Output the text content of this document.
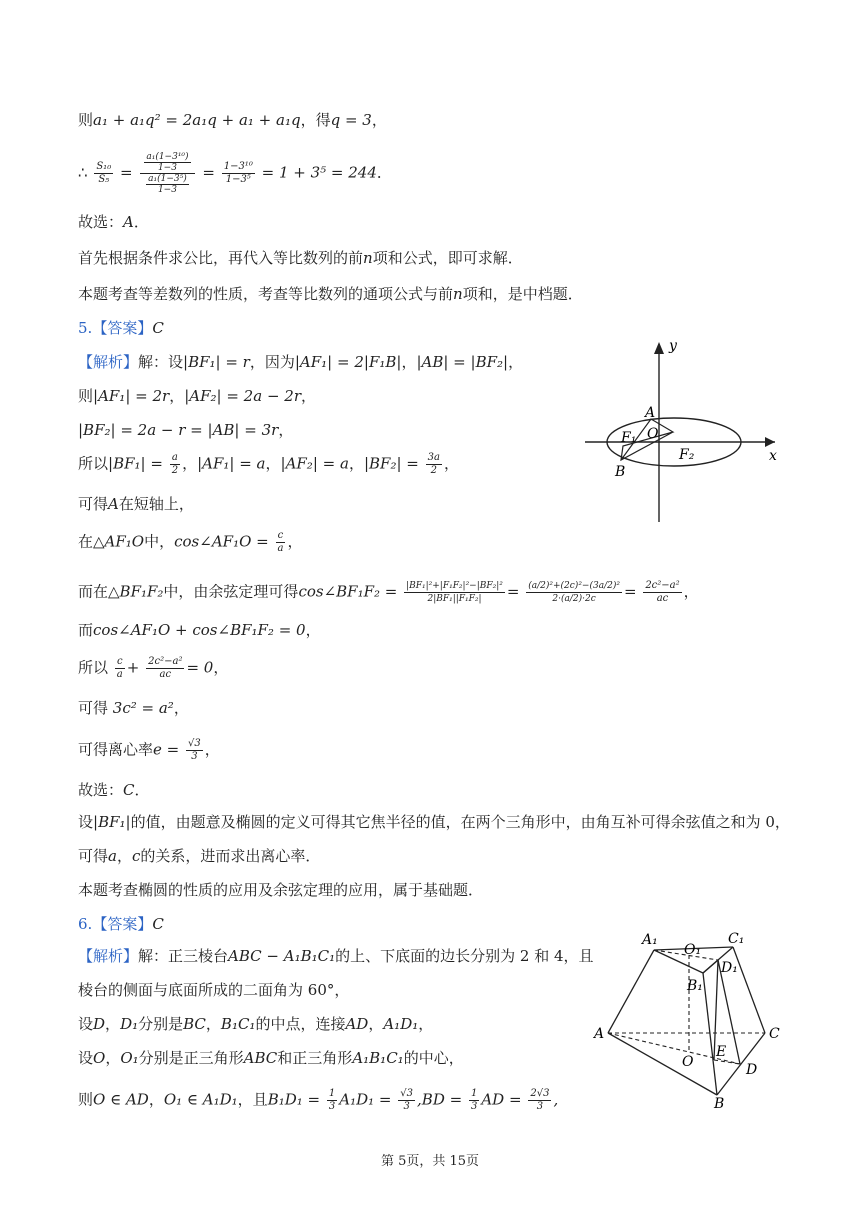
则a₁ + a₁q² = 2a₁q + a₁ + a₁q，得q = 3，
∴ $\frac{\text{S₁₀}}{\text{S₅}} = \frac{\frac{\text{a₁(1−3¹⁰)}}{1-3}}{\frac{\text{a₁(1−3⁵)}}{1-3}} = \frac{\text{1−3¹⁰}}{\text{1−3⁵}} = 1 + 3^5 = 244$．
故选：A．
首先根据条件求公比，再代入等比数列的前n项和公式，即可求解．
本题考查等差数列的性质，考查等比数列的通项公式与前n项和，是中档题．
5.【答案】C
【解析】解：设|BF₁| = r，因为|AF₁| = 2|F₁B|，|AB| = |BF₂|，
则|AF₁| = 2r，|AF₂| = 2a − 2r，
|BF₂| = 2a − r = |AB| = 3r，
所以$|BF_1| = \frac{a}{2}$ ，|AF₁| = a，|AF₂| = a，$|BF_2| = \frac{3a}{2}$ ，
可得A在短轴上，
在△AF₁O中，cos∠AF₁O = $\frac{c}{a}$ ，
而在△BF₁F₂中，由余弦定理可得cos∠BF₁F₂ = $\frac{\text{|BF₁|²+|F₁F₂|²−|BF₂|²}}{\text{2|BF₁||F₁F₂|}} = \frac{\text{(a/2)²+(2c)²−(3a/2)²}}{2\cdot(a/2)\cdot 2c} = \frac{\text{2c²−a²}}{ac}$ ，
而cos∠AF₁O + cos∠BF₁F₂ = 0，
所以 $\frac{c}{a} + \frac{\text{2c²−a²}}{ac} = 0$，
可得 3c² = a²，
可得离心率$e = \frac{√3}{3}$ ，
故选：C．
设|BF₁|的值，由题意及椭圆的定义可得其它焦半径的值，在两个三角形中，由角互补可得余弦值之和为 0，
可得a，c的关系，进而求出离心率．
本题考查椭圆的性质的应用及余弦定理的应用，属于基础题．
6.【答案】C
【解析】解：正三棱台ABC − A₁B₁C₁的上、下底面的边长分别为 2 和 4，且
棱台的侧面与底面所成的二面角为 60°，
设D，D₁分别是BC，B₁C₁的中点，连接AD，A₁D₁，
设O，O₁分别是正三角形ABC和正三角形A₁B₁C₁的中心，
则O ∈ AD，O₁ ∈ A₁D₁，且$B_1D_1 = \frac{1}{3} A_1D_1 = \frac{√3}{3} ,BD = \frac{1}{3}$ AD = $\frac{2√3}{3}$ ,
y
x
A
O
F₁
F₂
B
A₁
O₁
C₁
D₁
B₁
A	C
E
O	D
B
第 5页，共 15页
